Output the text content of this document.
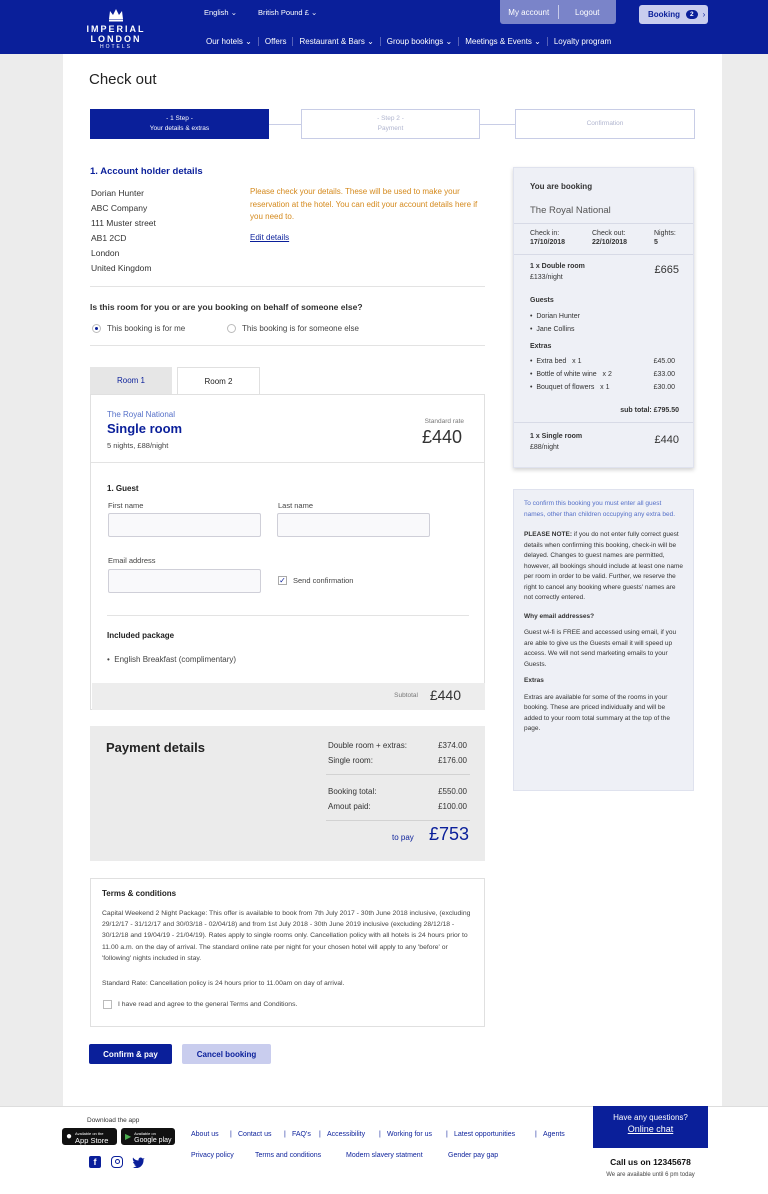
IMPERIAL LONDON
HOTELS
English ⌄	British Pound £ ⌄
Our hotels ⌄	Offers	Restaurant & Bars ⌄	Group bookings ⌄	Meetings & Events ⌄	Loyalty program
My account	Logout	Booking	2	›
Check out
- 1 Step -
Your details & extras
- Step 2 -
Payment
Confirmation
1. Account holder details
Dorian Hunter
ABC Company
111 Muster street
AB1 2CD
London
United Kingdom
Please check your details. These will be used to make your reservation at the hotel. You can edit your account details here if you need to.
Edit details
Is this room for you or are you booking on behalf of someone else?
This booking is for me	This booking is for someone else
Room 1	Room 2
The Royal National
Single room
5 nights, £88/night
Standard rate
£440
1. Guest
First name	Last name
Email address
✓ Send confirmation
Included package
•  English Breakfast (complimentary)
Subtotal £440
Payment details	Double room + extras:	£374.00
Single room:	£176.00
Booking total:	£550.00
Amout paid:	£100.00
to pay £753
Terms & conditions
Capital Weekend 2 Night Package: This offer is available to book from 7th July 2017 - 30th June 2018 inclusive, (excluding 29/12/17 - 31/12/17 and 30/03/18 - 02/04/18) and from 1st July 2018 - 30th June 2019 inclusive (excluding 28/12/18 - 30/12/18 and 19/04/19 - 21/04/19). Rates apply to single rooms only. Cancellation policy with all hotels is 24 hours prior to 11.00 a.m. on the day of arrival. The standard online rate per night for your chosen hotel will apply to any 'before' or 'following' nights included in stay.
Standard Rate: Cancellation policy is 24 hours prior to 11.00am on day of arrival.
I have read and agree to the general Terms and Conditions.
Confirm & pay	Cancel booking
You are booking
The Royal National
Check in:
17/10/2018
Check out:
22/10/2018
Nights:
5
1 x Double room
£133/night
£665
Guests
•  Dorian Hunter
•  Jane Collins
Extras
•  Extra bed x 1	£45.00
•  Bottle of white wine x 2	£33.00
•  Bouquet of flowers x 1	£30.00
sub total: £795.50
1 x Single room
£88/night
£440

To confirm this booking you must enter all guest names, other than children occupying any extra bed.

PLEASE NOTE: if you do not enter fully correct guest details when confirming this booking, check-in will be delayed. Changes to guest names are permitted, however, all bookings should include at least one name per room in order to be valid. Further, we reserve the right to cancel any booking where guests' names are not correctly entered.

Why email addresses?

Guest wi-fi is FREE and accessed using email, if you are able to give us the Guests email it will speed up access. We will not send marketing emails to your Guests.

Extras

Extras are available for some of the rooms in your booking. These are priced individually and will be added to your room total summary at the top of the page.

Download the app
● Available on the
App Store ▶ Available on
Google play
f
About us | Contact us | FAQ's | Accessibility | Working for us | Latest opportunities	| Agents
Privacy policy	Terms and conditions	Modern slavery statment	Gender pay gap
Call us on 12345678
We are available until 6 pm today
Have any questions?
Online chat
